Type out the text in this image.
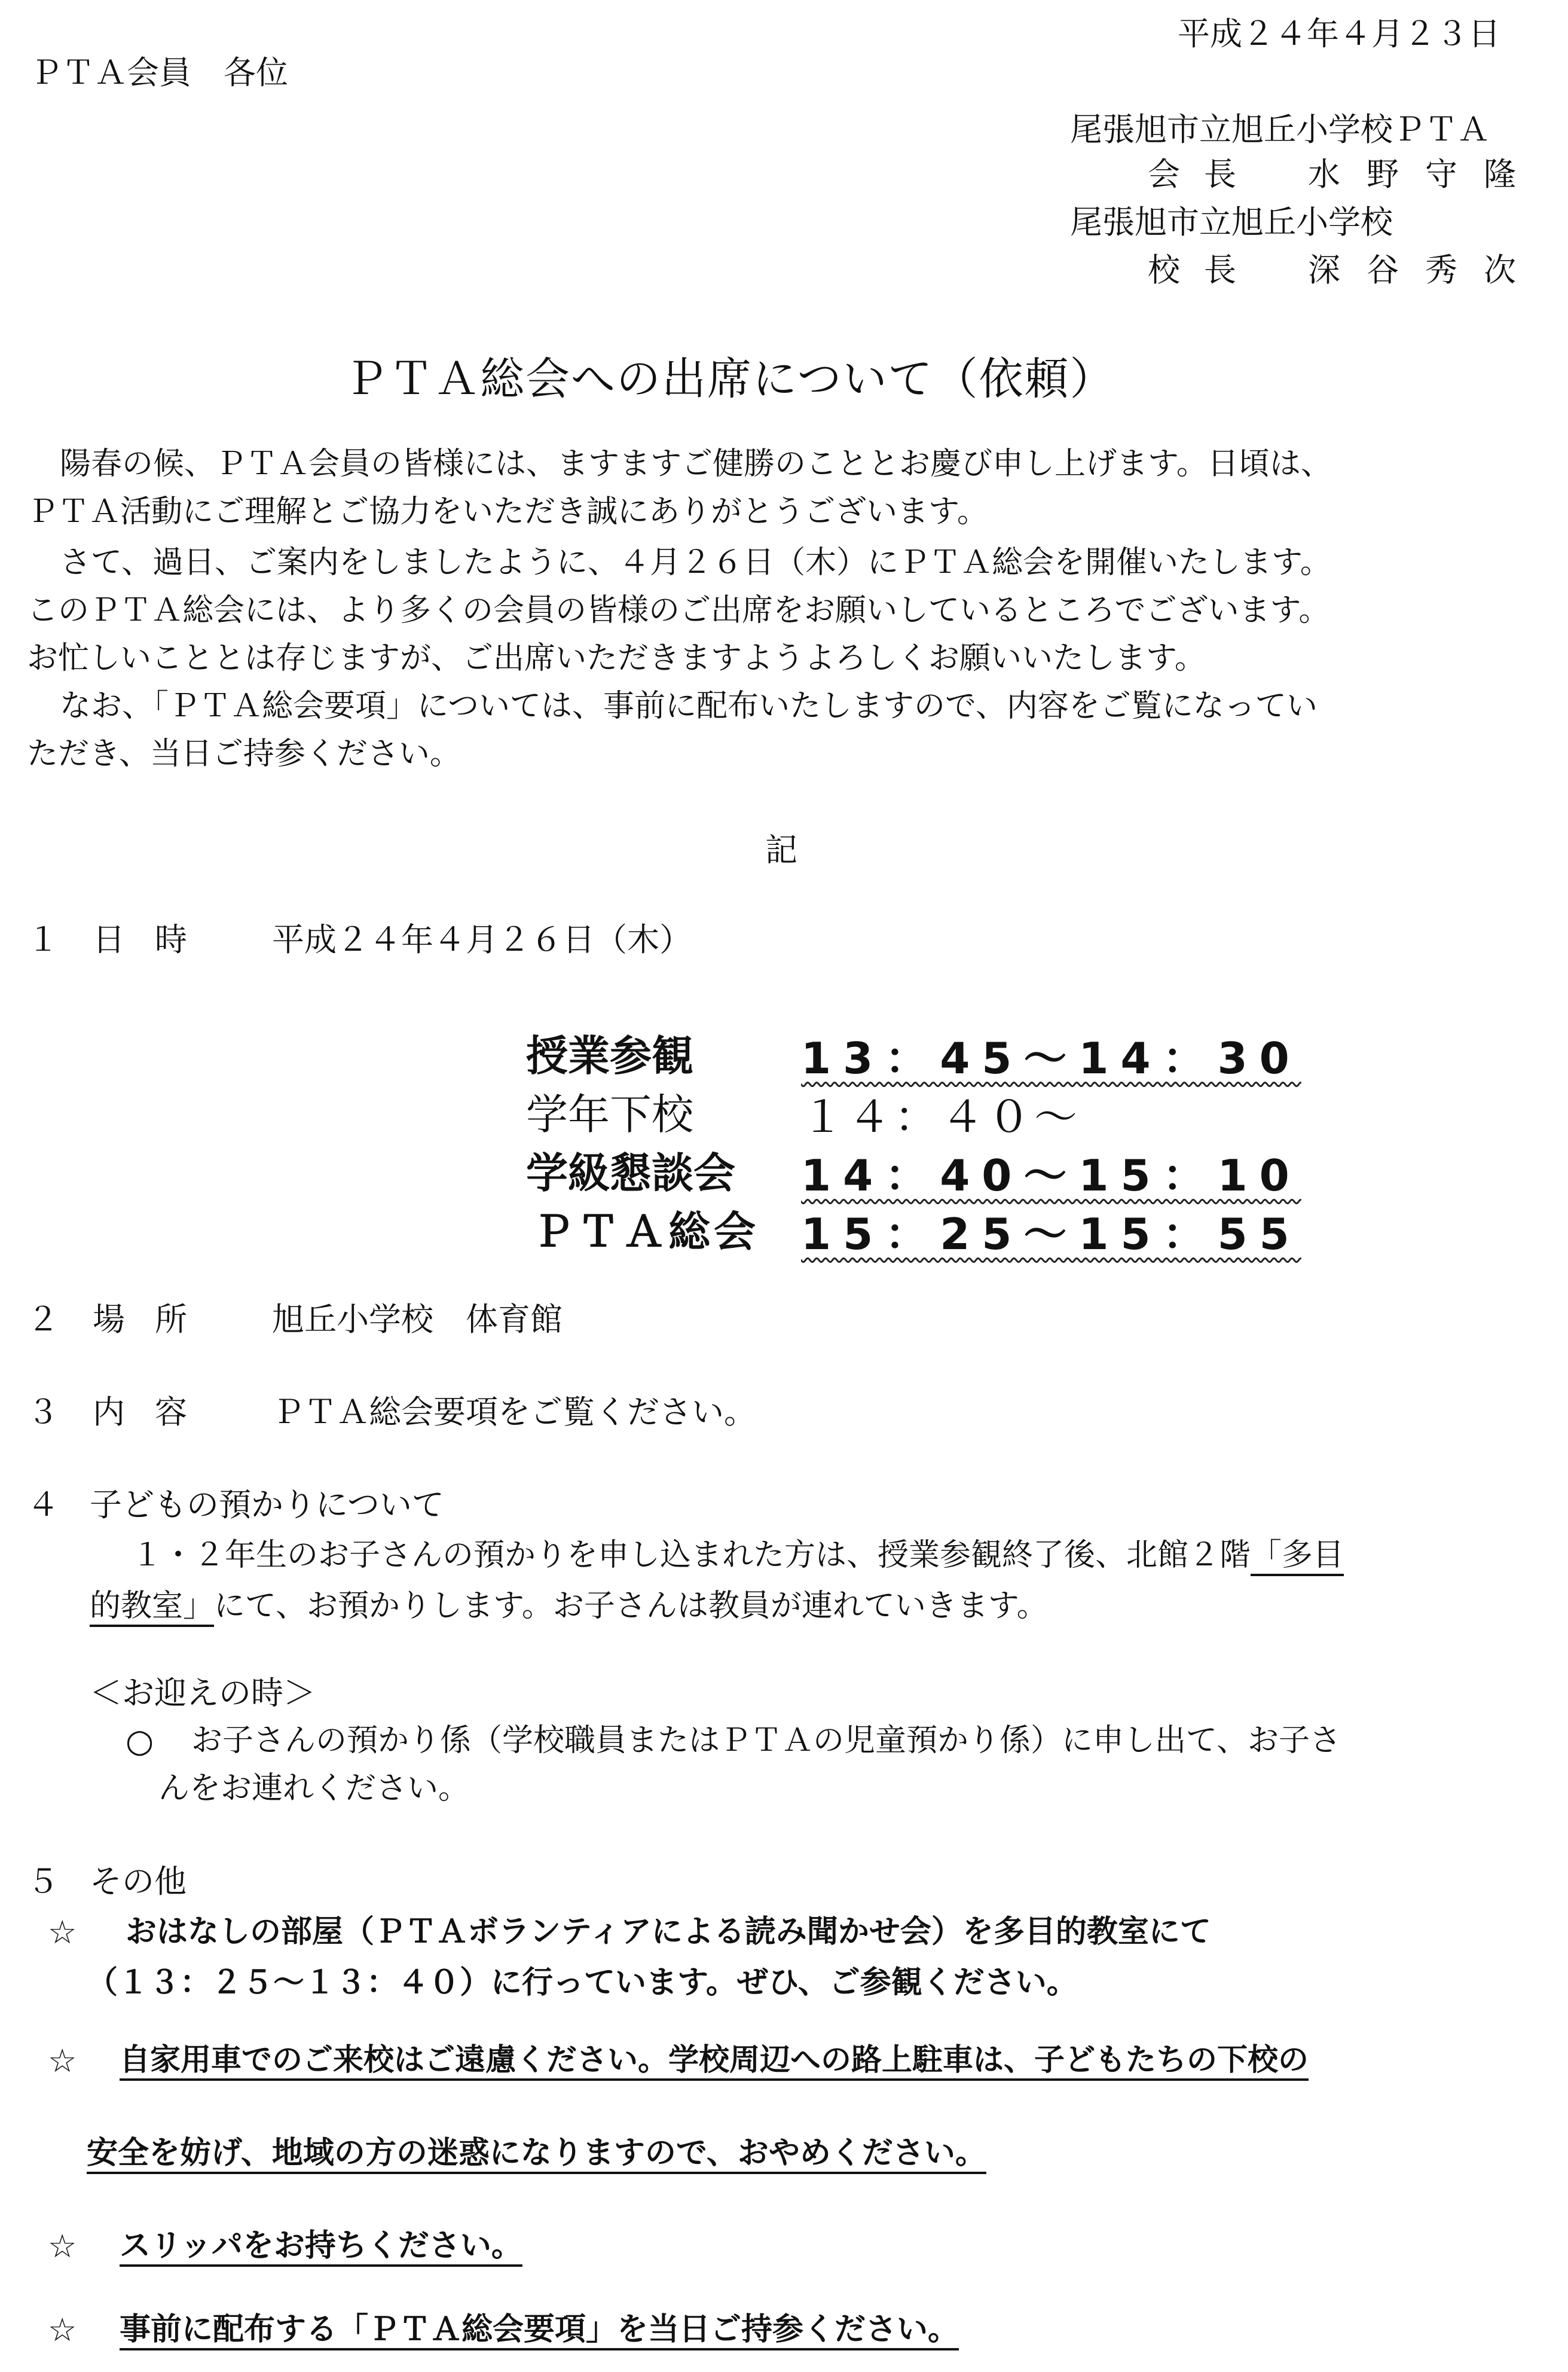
平成２４年４月２３日
ＰＴＡ会員　各位
尾張旭市立旭丘小学校ＰＴＡ
会長 水野守隆
尾張旭市立旭丘小学校
校長 深谷秀次
ＰＴＡ総会への出席について（依頼）
陽春の候、ＰＴＡ会員の皆様には、ますますご健勝のこととお慶び申し上げます。日頃は、
ＰＴＡ活動にご理解とご協力をいただき誠にありがとうございます。
さて、過日、ご案内をしましたように、４月２６日（木）にＰＴＡ総会を開催いたします。
このＰＴＡ総会には、より多くの会員の皆様のご出席をお願いしているところでございます。
お忙しいこととは存じますが、ご出席いただきますようよろしくお願いいたします。
なお、「ＰＴＡ総会要項」については、事前に配布いたしますので、内容をご覧になってい
ただき、当日ご持参ください。
記
１ 日時 平成２４年４月２６日（木）
授業参観	13：45～14：30
学年下校	１４：４０～
学級懇談会 14：40～15：10
ＰＴＡ総会 15：25～15：55
２ 場所 旭丘小学校　体育館
３ 内容 ＰＴＡ総会要項をご覧ください。
４ 子どもの預かりについて
１・２年生のお子さんの預かりを申し込まれた方は、授業参観終了後、北館２階「多目
的教室」にて、お預かりします。お子さんは教員が連れていきます。
＜お迎えの時＞
○ お子さんの預かり係（学校職員またはＰＴＡの児童預かり係）に申し出て、お子さ
んをお連れください。
５ その他
☆ おはなしの部屋（ＰＴＡボランティアによる読み聞かせ会）を多目的教室にて
（１３：２５～１３：４０）に行っています。ぜひ、ご参観ください。
☆ 自家用車でのご来校はご遠慮ください。学校周辺への路上駐車は、子どもたちの下校の
安全を妨げ、地域の方の迷惑になりますので、おやめください。
☆ スリッパをお持ちください。
☆ 事前に配布する「ＰＴＡ総会要項」を当日ご持参ください。
